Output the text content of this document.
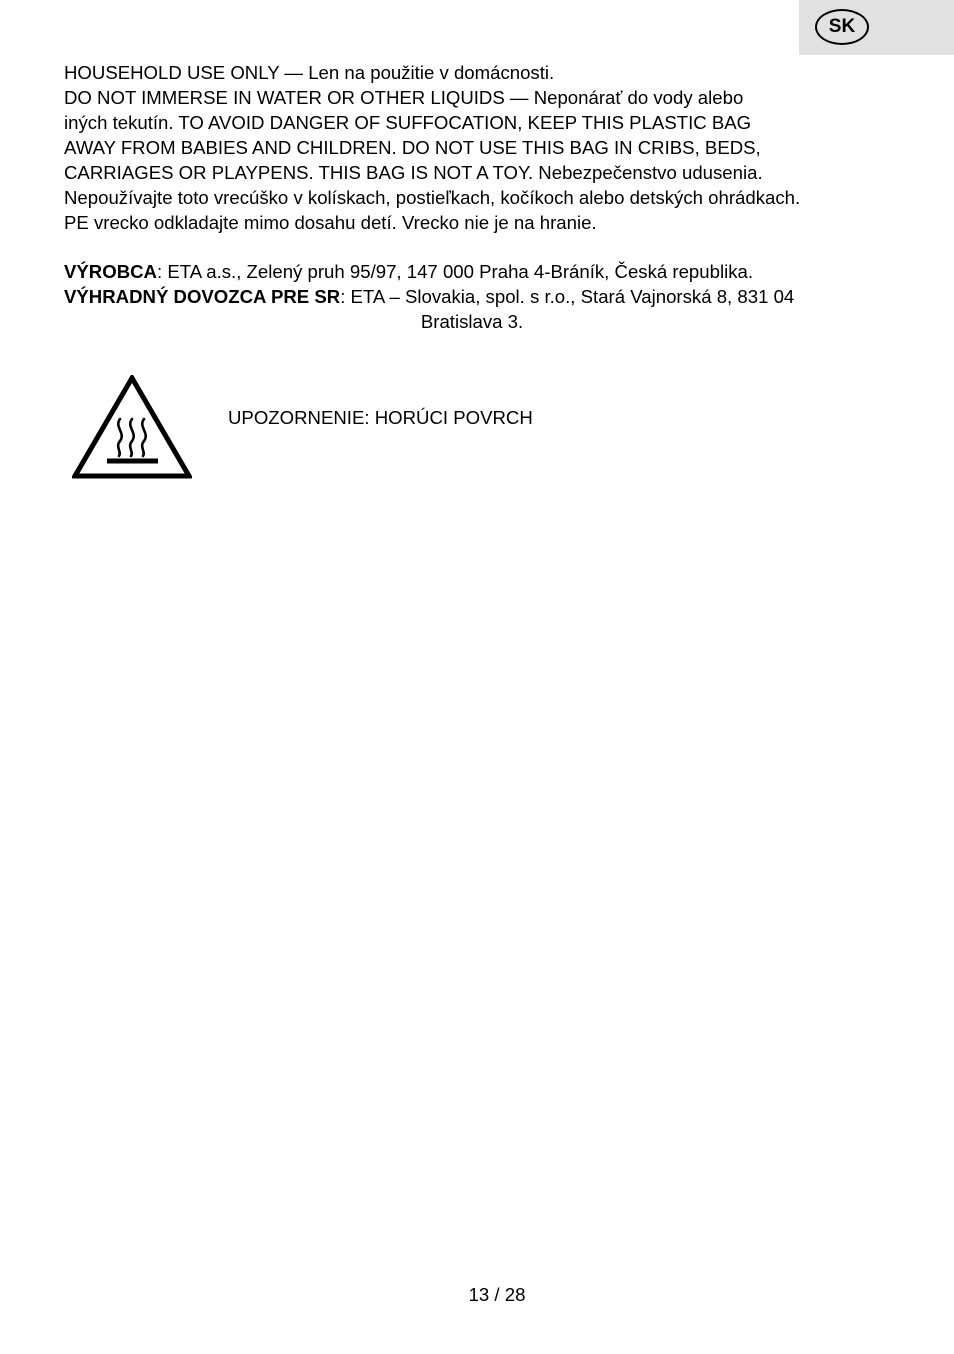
SK

HOUSEHOLD USE ONLY — Len na použitie v domácnosti.

DO NOT IMMERSE IN WATER OR OTHER LIQUIDS — Neponárať do vody alebo

iných tekutín. TO AVOID DANGER OF SUFFOCATION, KEEP THIS PLASTIC BAG

AWAY FROM BABIES AND CHILDREN. DO NOT USE THIS BAG IN CRIBS, BEDS,

CARRIAGES OR PLAYPENS. THIS BAG IS NOT A TOY. Nebezpečenstvo udusenia.

Nepoužívajte toto vrecúško v kolískach, postieľkach, kočíkoch alebo detských ohrádkach.

PE vrecko odkladajte mimo dosahu detí. Vrecko nie je na hranie.

VÝROBCA: ETA a.s., Zelený pruh 95/97, 147 000 Praha 4-Bráník, Česká republika.

VÝHRADNÝ DOVOZCA PRE SR: ETA – Slovakia, spol. s r.o., Stará Vajnorská 8, 831 04

Bratislava 3.

UPOZORNENIE: HORÚCI POVRCH
13 / 28
